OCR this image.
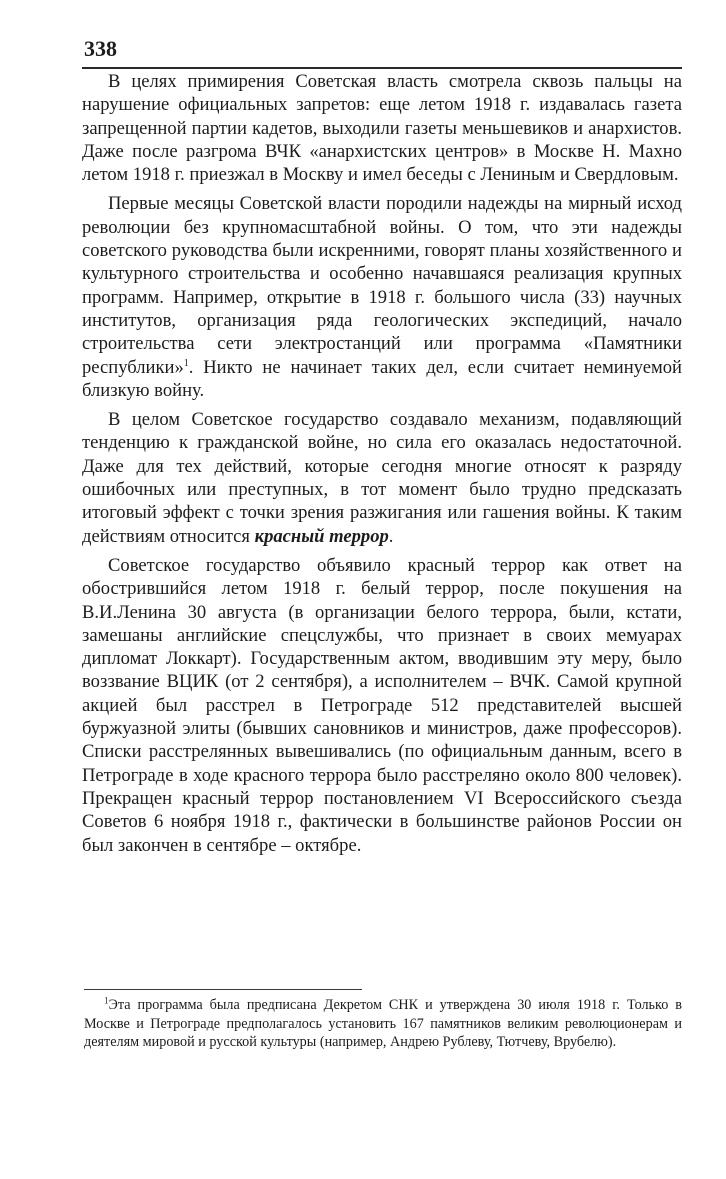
338

В целях примирения Советская власть смотрела сквозь пальцы на нарушение официальных запретов: еще летом 1918 г. издавалась газета запрещенной партии кадетов, выходили газеты меньшевиков и анархистов. Даже после разгрома ВЧК «анархистских центров» в Москве Н. Махно летом 1918 г. приезжал в Москву и имел беседы с Лениным и Свердловым.

Первые месяцы Советской власти породили надежды на мирный исход революции без крупномасштабной войны. О том, что эти надежды советского руководства были искренними, говорят планы хозяйственного и культурного строительства и особенно начавшаяся реализация крупных программ. Например, открытие в 1918 г. большого числа (33) научных институтов, организация ряда геологических экспедиций, начало строительства сети электростанций или программа «Памятники республики»$^1$. Никто не начинает таких дел, если считает неминуемой близкую войну.

В целом Советское государство создавало механизм, подавляющий тенденцию к гражданской войне, но сила его оказалась недостаточной. Даже для тех действий, которые сегодня многие относят к разряду ошибочных или преступных, в тот момент было трудно предсказать итоговый эффект с точки зрения разжигания или гашения войны. К таким действиям относится красный террор.

Советское государство объявило красный террор как ответ на обострившийся летом 1918 г. белый террор, после покушения на В.И.Ленина 30 августа (в организации белого террора, были, кстати, замешаны английские спецслужбы, что признает в своих мемуарах дипломат Локкарт). Государственным актом, вводившим эту меру, было воззвание ВЦИК (от 2 сентября), а исполнителем – ВЧК. Самой крупной акцией был расстрел в Петрограде 512 представителей высшей буржуазной элиты (бывших сановников и министров, даже профессоров). Списки расстрелянных вывешивались (по официальным данным, всего в Петрограде в ходе красного террора было расстреляно около 800 человек). Прекращен красный террор постановлением VI Всероссийского съезда Советов 6 ноября 1918 г., фактически в большинстве районов России он был закончен в сентябре – октябре.

$^1$Эта программа была предписана Декретом СНК и утверждена 30 июля 1918 г. Только в Москве и Петрограде предполагалось установить 167 памятников великим революционерам и деятелям мировой и русской культуры (например, Андрею Рублеву, Тютчеву, Врубелю).
